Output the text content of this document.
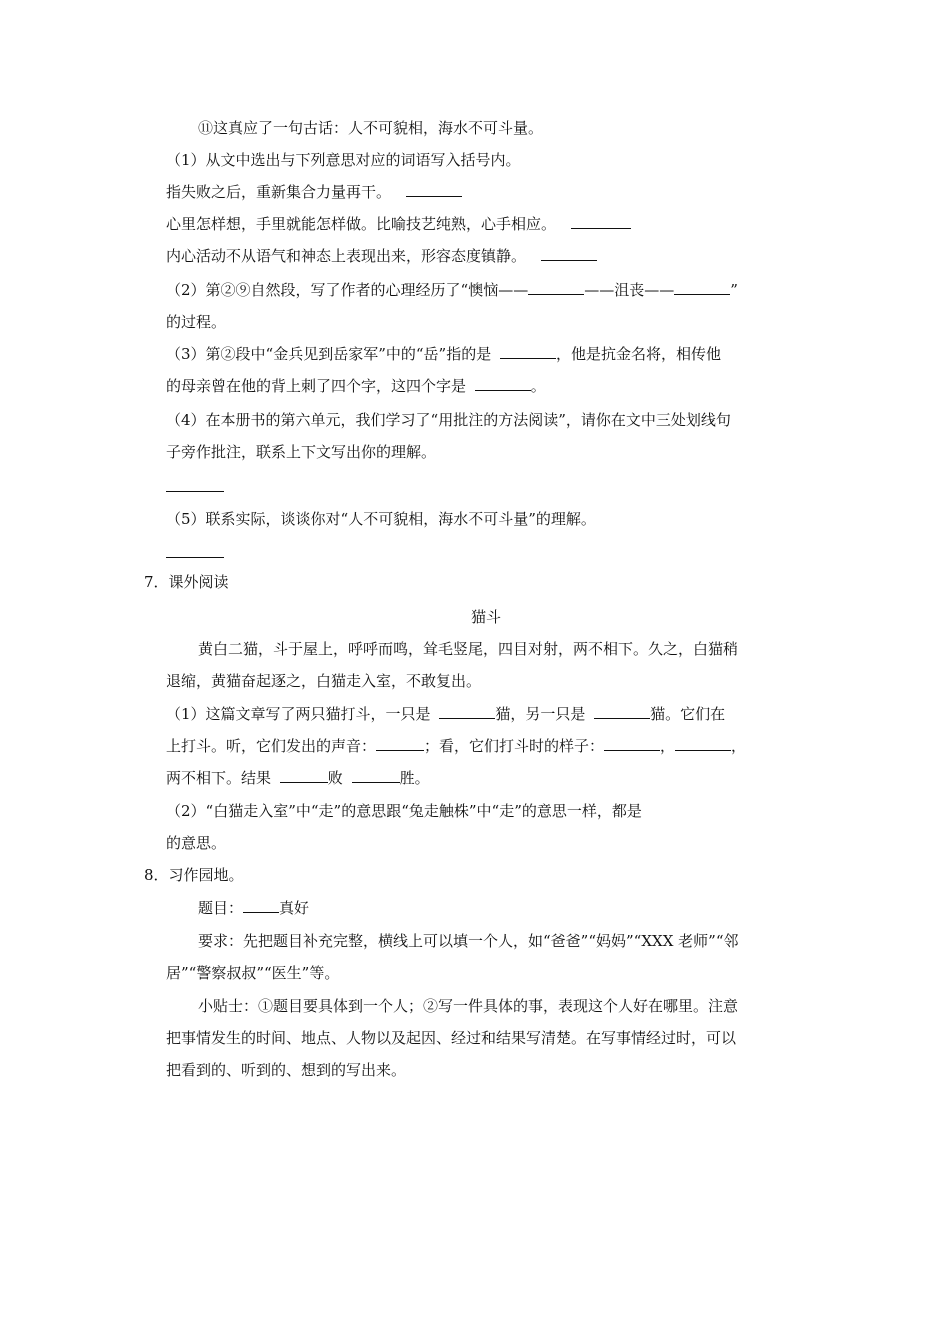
⑪这真应了一句古话：人不可貌相，海水不可斗量。
（1）从文中选出与下列意思对应的词语写入括号内。
指失败之后，重新集合力量再干。
心里怎样想，手里就能怎样做。比喻技艺纯熟，心手相应。
内心活动不从语气和神态上表现出来，形容态度镇静。
（2）第②⑨自然段，写了作者的心理经历了“懊恼——	——沮丧——	”
的过程。
（3）第②段中“金兵见到岳家军”中的“岳”指的是	，他是抗金名将，相传他
的母亲曾在他的背上刺了四个字，这四个字是	。
（4）在本册书的第六单元，我们学习了“用批注的方法阅读”，请你在文中三处划线句
子旁作批注，联系上下文写出你的理解。
（5）联系实际，谈谈你对“人不可貌相，海水不可斗量”的理解。
7．课外阅读
猫斗
黄白二猫，斗于屋上，呼呼而鸣，耸毛竖尾，四目对射，两不相下。久之，白猫稍
退缩，黄猫奋起逐之，白猫走入室，不敢复出。
（1）这篇文章写了两只猫打斗，一只是	猫，另一只是	猫。它们在
上打斗。听，它们发出的声音：	；看，它们打斗时的样子：	，	，
两不相下。结果	败	胜。
（2）“白猫走入室”中“走”的意思跟“兔走触株”中“走”的意思一样，都是
的意思。
8．习作园地。
题目： 真好
要求：先把题目补充完整，横线上可以填一个人，如“爸爸”“妈妈”“XXX 老师”“邻
居”“警察叔叔”“医生”等。
小贴士：①题目要具体到一个人；②写一件具体的事，表现这个人好在哪里。注意
把事情发生的时间、地点、人物以及起因、经过和结果写清楚。在写事情经过时，可以
把看到的、听到的、想到的写出来。
